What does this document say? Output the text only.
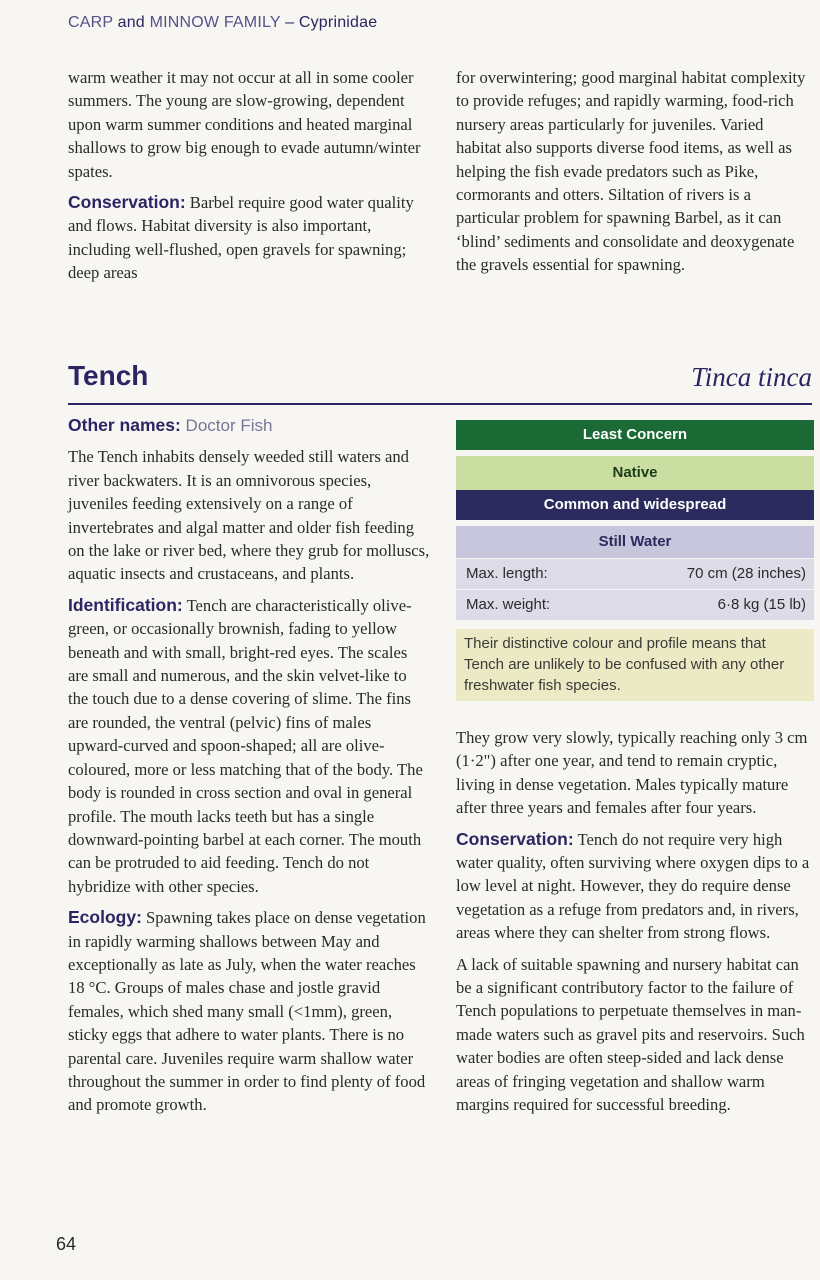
CARP and MINNOW FAMILY – Cyprinidae

warm weather it may not occur at all in some cooler summers. The young are slow-growing, dependent upon warm summer conditions and heated marginal shallows to grow big enough to evade autumn/winter spates.

Conservation: Barbel require good water quality and flows. Habitat diversity is also important, including well-flushed, open gravels for spawning; deep areas

for overwintering; good marginal habitat complexity to provide refuges; and rapidly warming, food-rich nursery areas particularly for juveniles. Varied habitat also supports diverse food items, as well as helping the fish evade predators such as Pike, cormorants and otters. Siltation of rivers is a particular problem for spawning Barbel, as it can ‘blind’ sediments and consolidate and deoxygenate the gravels essential for spawning.

Tench	Tinca tinca

Other names: Doctor Fish

The Tench inhabits densely weeded still waters and river backwaters. It is an omnivorous species, juveniles feeding extensively on a range of invertebrates and algal matter and older fish feeding on the lake or river bed, where they grub for molluscs, aquatic insects and crustaceans, and plants.

Identification: Tench are characteristically olive-green, or occasionally brownish, fading to yellow beneath and with small, bright-red eyes. The scales are small and numerous, and the skin velvet-like to the touch due to a dense covering of slime. The fins are rounded, the ventral (pelvic) fins of males upward-curved and spoon-shaped; all are olive-coloured, more or less matching that of the body. The body is rounded in cross section and oval in general profile. The mouth lacks teeth but has a single downward-pointing barbel at each corner. The mouth can be protruded to aid feeding. Tench do not hybridize with other species.

Ecology: Spawning takes place on dense vegetation in rapidly warming shallows between May and exceptionally as late as July, when the water reaches 18 °C. Groups of males chase and jostle gravid females, which shed many small (<1mm), green, sticky eggs that adhere to water plants. There is no parental care. Juveniles require warm shallow water throughout the summer in order to find plenty of food and promote growth.

Least Concern
Native
Common and widespread
Still Water
Max. length:	70 cm (28 inches)
Max. weight:	6·8 kg (15 lb)
Their distinctive colour and profile means that Tench are unlikely to be confused with any other freshwater fish species.

They grow very slowly, typically reaching only 3 cm (1·2") after one year, and tend to remain cryptic, living in dense vegetation. Males typically mature after three years and females after four years.

Conservation: Tench do not require very high water quality, often surviving where oxygen dips to a low level at night. However, they do require dense vegetation as a refuge from predators and, in rivers, areas where they can shelter from strong flows.

A lack of suitable spawning and nursery habitat can be a significant contributory factor to the failure of Tench populations to perpetuate themselves in man-made waters such as gravel pits and reservoirs. Such water bodies are often steep-sided and lack dense areas of fringing vegetation and shallow warm margins required for successful breeding.

64
